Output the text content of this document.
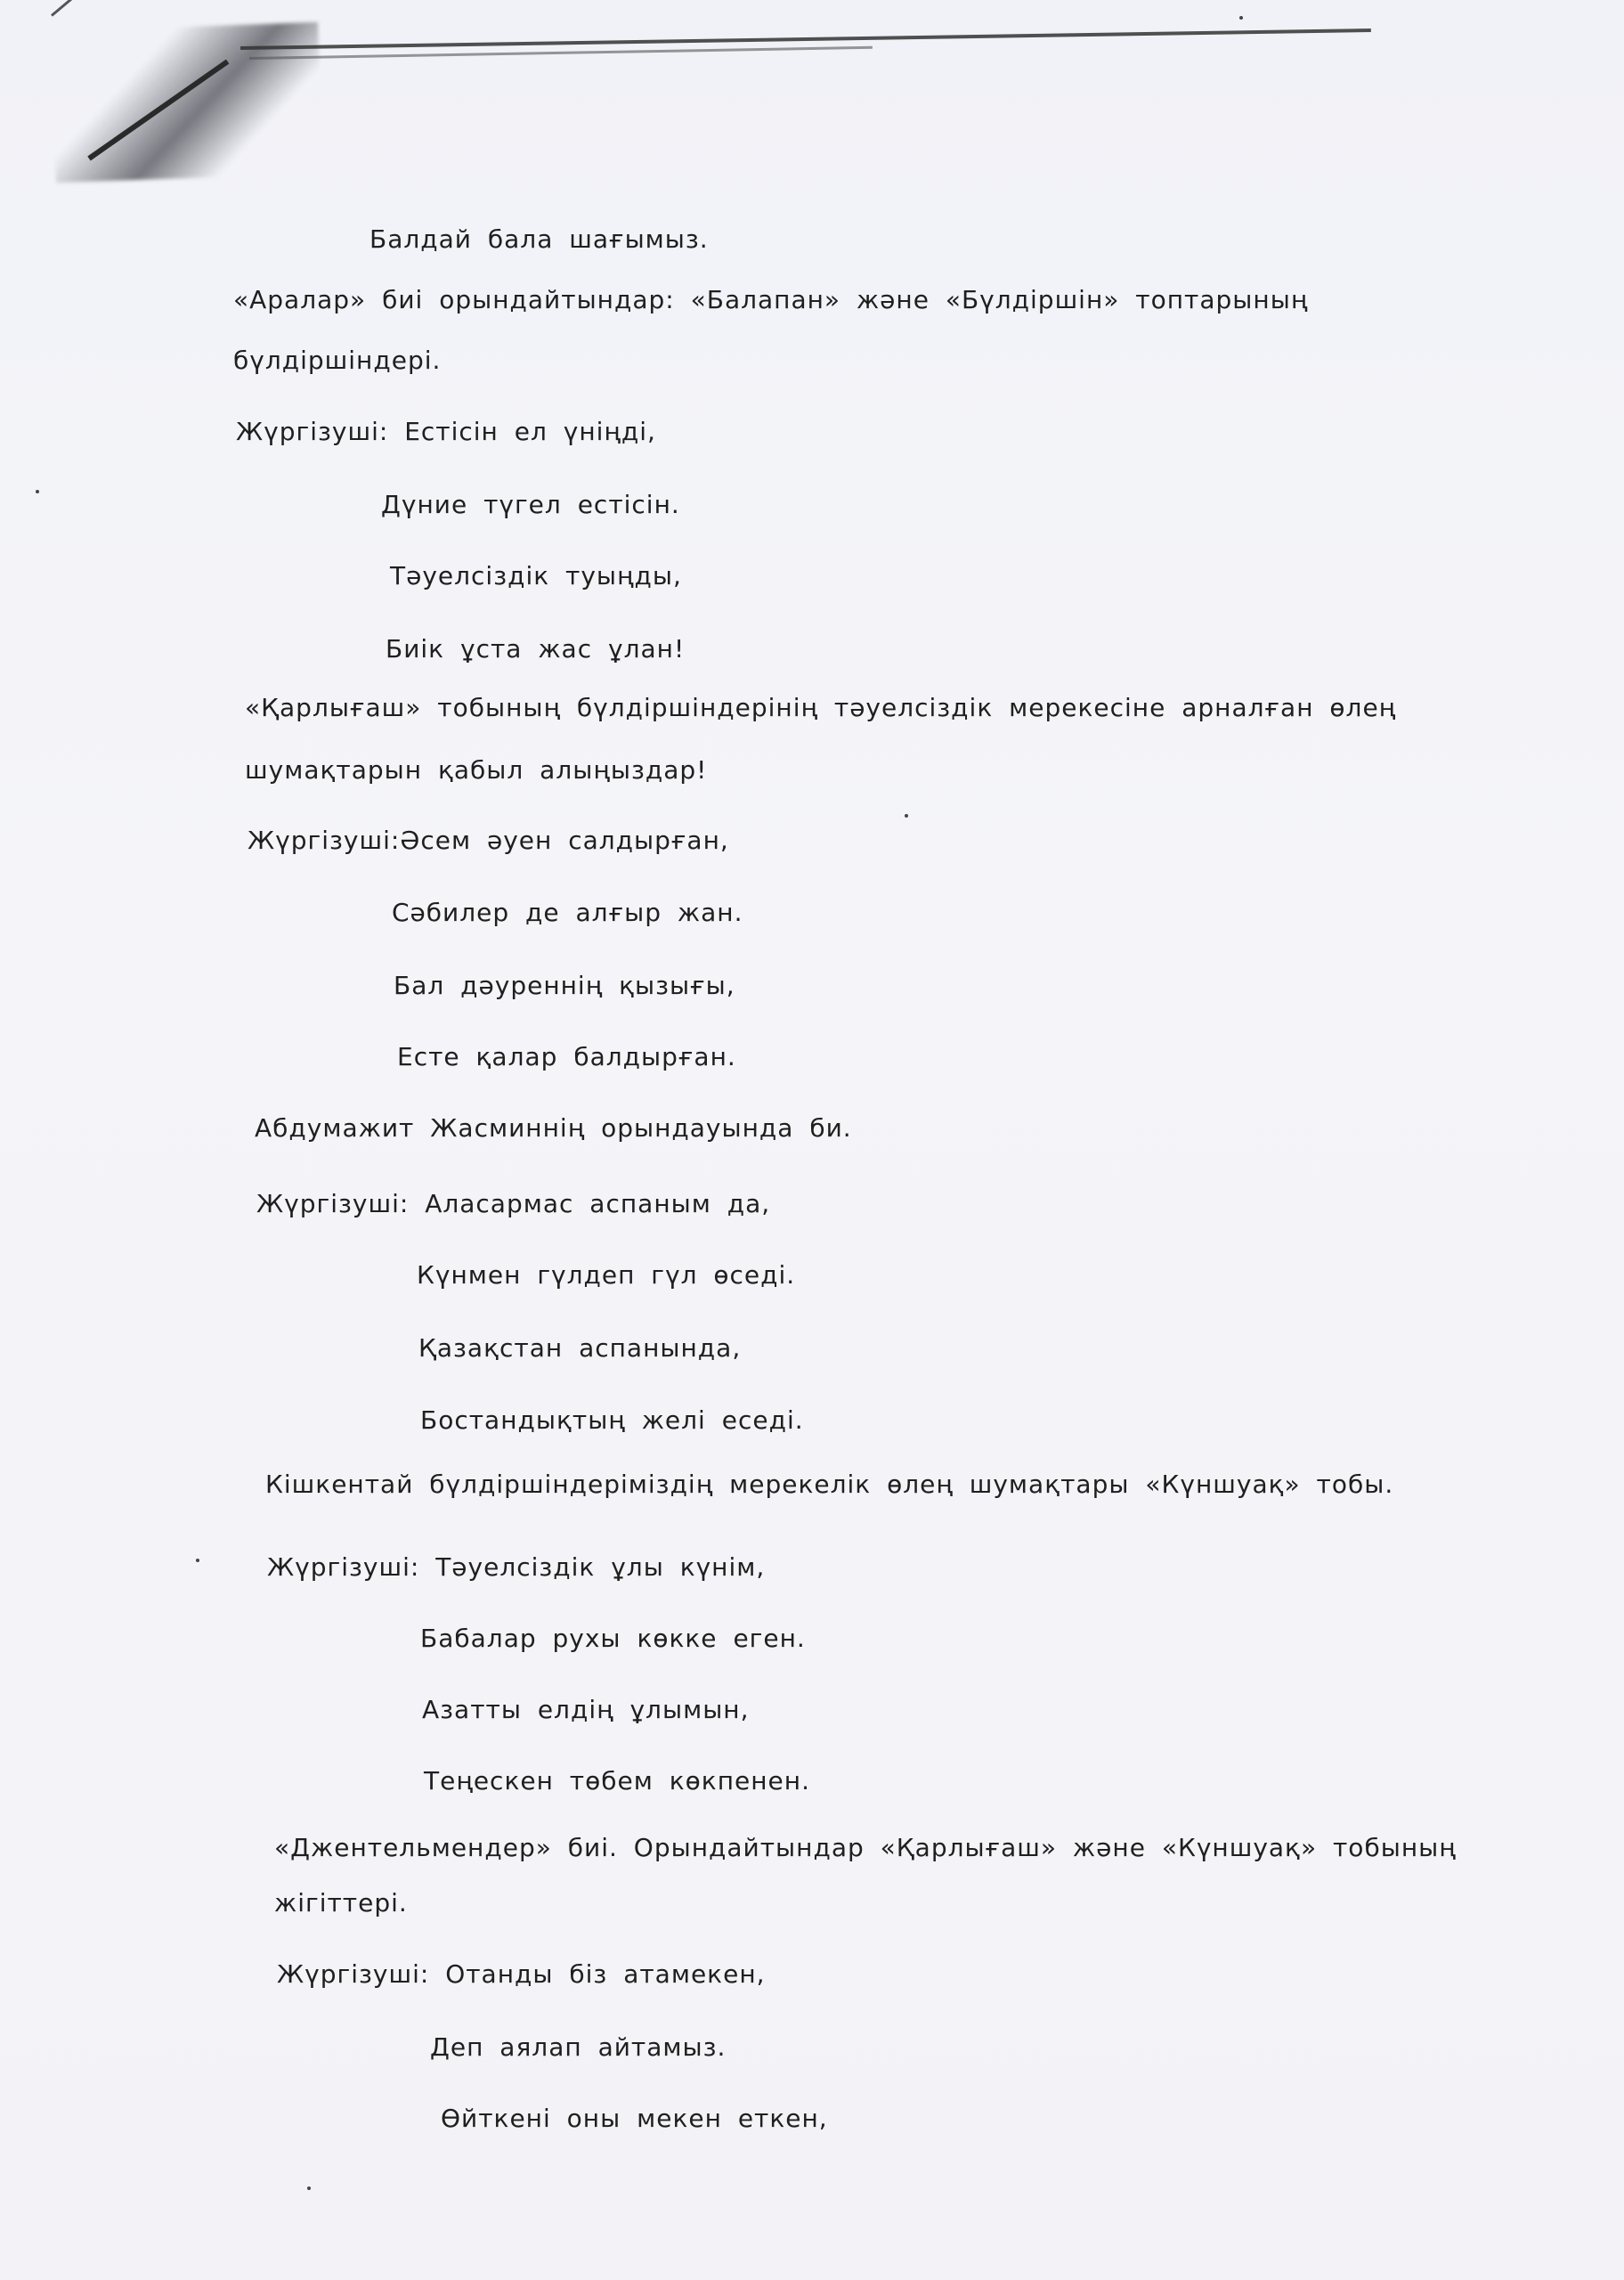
Балдай бала шағымыз.
«Аралар» биі орындайтындар: «Балапан» және «Бүлдіршін» топтарының
бүлдіршіндері.
Жүргізуші: Естісін ел үніңді,
Дүние түгел естісін.
Тәуелсіздік туыңды,
Биік ұста жас ұлан!
«Қарлығаш» тобының бүлдіршіндерінің тәуелсіздік мерекесіне арналған өлең
шумақтарын қабыл алыңыздар!
Жүргізуші:Әсем әуен салдырған,
Сәбилер де алғыр жан.
Бал дәуреннің қызығы,
Есте қалар балдырған.
Абдумажит Жасминнің орындауында би.
Жүргізуші: Аласармас аспаным да,
Күнмен гүлдеп гүл өседі.
Қазақстан аспанында,
Бостандықтың желі еседі.
Кішкентай бүлдіршіндеріміздің мерекелік өлең шумақтары «Күншуақ» тобы.
Жүргізуші: Тәуелсіздік ұлы күнім,
Бабалар рухы көкке еген.
Азатты елдің ұлымын,
Теңескен төбем көкпенен.
«Джентельмендер» биі. Орындайтындар «Қарлығаш» және «Күншуақ» тобының
жігіттері.
Жүргізуші: Отанды біз атамекен,
Деп аялап айтамыз.
Өйткені оны мекен еткен,
